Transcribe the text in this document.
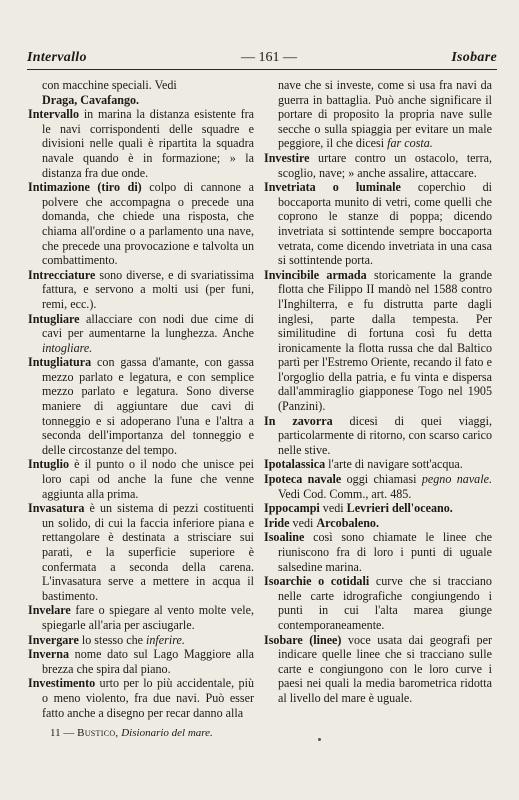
Intervallo	— 161 —	Isobare

con macchine speciali. Vedi

Draga, Cavafango.

Intervallo in marina la distanza esistente fra le navi corrispondenti delle squadre e divisioni nelle quali è ripartita la squadra navale quando è in formazione; » la distanza fra due onde.

Intimazione (tiro di) colpo di cannone a polvere che accompagna o precede una domanda, che chiede una risposta, che chiama all'ordine o a parlamento una nave, che precede una provocazione e talvolta un combattimento.

Intrecciature sono diverse, e di svariatissima fattura, e servono a molti usi (per funi, remi, ecc.).

Intugliare allacciare con nodi due cime di cavi per aumentarne la lunghezza. Anche intogliare.

Intugliatura con gassa d'amante, con gassa mezzo parlato e legatura, e con semplice mezzo parlato e legatura. Sono diverse maniere di aggiuntare due cavi di tonneggio e si adoperano l'una e l'altra a seconda dell'importanza del tonneggio e delle circostanze del tempo.

Intuglio è il punto o il nodo che unisce pei loro capi od anche la fune che venne aggiunta alla prima.

Invasatura è un sistema di pezzi costituenti un solido, di cui la faccia inferiore piana e rettangolare è destinata a strisciare sui parati, e la superficie superiore è confermata a seconda della carena. L'invasatura serve a mettere in acqua il bastimento.

Invelare fare o spiegare al vento molte vele, spiegarle all'aria per asciugarle.

Invergare lo stesso che inferire.

Inverna nome dato sul Lago Maggiore alla brezza che spira dal piano.

Investimento urto per lo più accidentale, più o meno violento, fra due navi. Può esser fatto anche a disegno per recar danno alla

nave che si investe, come si usa fra navi da guerra in battaglia. Può anche significare il portare di proposito la propria nave sulle secche o sulla spiaggia per evitare un male peggiore, il che dicesi far costa.

Investire urtare contro un ostacolo, terra, scoglio, nave; » anche assalire, attaccare.

Invetriata o luminale coperchio di boccaporta munito di vetri, come quelli che coprono le stanze di poppa; dicendo invetriata si sottintende sempre boccaporta vetrata, come dicendo invetriata in una casa si sottintende porta.

Invincibile armada storicamente la grande flotta che Filippo II mandò nel 1588 contro l'Inghilterra, e fu distrutta parte dagli inglesi, parte dalla tempesta. Per similitudine di fortuna così fu detta ironicamente la flotta russa che dal Baltico partì per l'Estremo Oriente, recando il fato e l'orgoglio della patria, e fu vinta e dispersa dall'ammiraglio giapponese Togo nel 1905 (Panzini).

In zavorra dicesi di quei viaggi, particolarmente di ritorno, con scarso carico nelle stive.

Ipotalassica l'arte di navigare sott'acqua.

Ipoteca navale oggi chiamasi pegno navale. Vedi Cod. Comm., art. 485.

Ippocampi vedi Levrieri dell'oceano.

Iride vedi Arcobaleno.

Isoaline così sono chiamate le linee che riuniscono fra di loro i punti di uguale salsedine marina.

Isoarchie o cotidali curve che si tracciano nelle carte idrografiche congiungendo i punti in cui l'alta marea giunge contemporaneamente.

Isobare (linee) voce usata dai geografi per indicare quelle linee che si tracciano sulle carte e congiungono con le loro curve i paesi nei quali la media barometrica ridotta al livello del mare è uguale.

11 — Bustico, Disionario del mare.
